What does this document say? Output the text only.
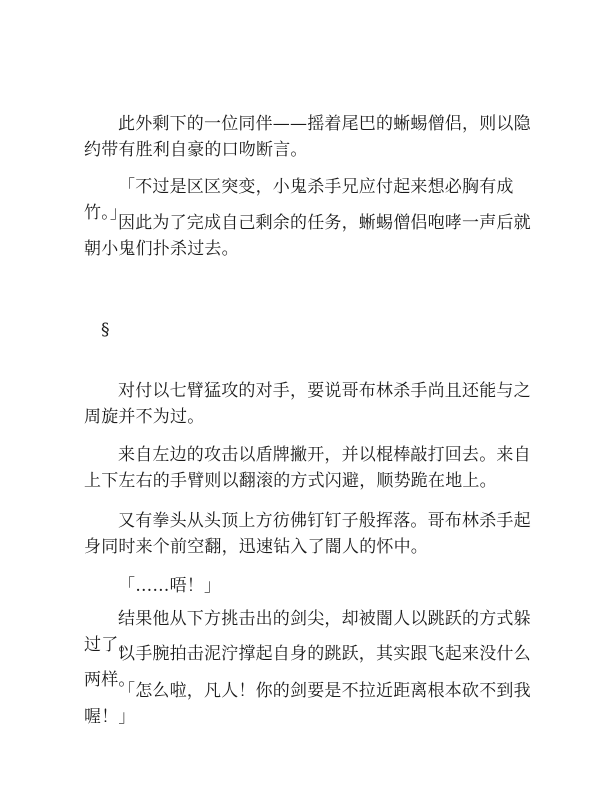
此外剩下的一位同伴——摇着尾巴的蜥蜴僧侣，则以隐约带有胜利自豪的口吻断言。

「不过是区区突变，小鬼杀手兄应付起来想必胸有成竹。」

因此为了完成自己剩余的任务，蜥蜴僧侣咆哮一声后就朝小鬼们扑杀过去。

§

对付以七臂猛攻的对手，要说哥布林杀手尚且还能与之周旋并不为过。

来自左边的攻击以盾牌撇开，并以棍棒敲打回去。来自上下左右的手臂则以翻滚的方式闪避，顺势跪在地上。

又有拳头从头顶上方彷佛钉钉子般挥落。哥布林杀手起身同时来个前空翻，迅速钻入了闇人的怀中。

「……唔！」

结果他从下方挑击出的剑尖，却被闇人以跳跃的方式躲过了。

以手腕拍击泥泞撑起自身的跳跃，其实跟飞起来没什么两样。

「怎么啦，凡人！你的剑要是不拉近距离根本砍不到我喔！」
